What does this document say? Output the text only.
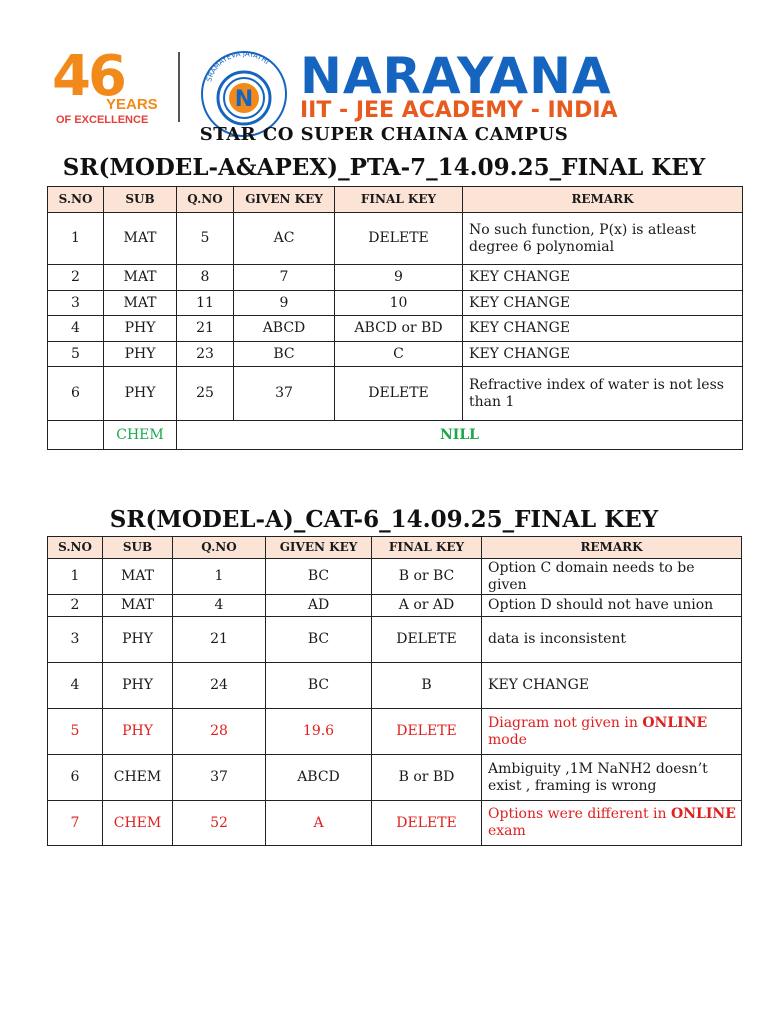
46
YEARS
OF EXCELLENCE
N
SRAMAYEVA JAYATHI NARAYANA
IIT - JEE ACADEMY - INDIA
STAR CO SUPER CHAINA CAMPUS
SR(MODEL-A&APEX)_PTA-7_14.09.25_FINAL KEY
S.NO	SUB	Q.NO	GIVEN KEY	FINAL KEY	REMARK
1	MAT	5	AC	DELETE	No such function, P(x) is atleast degree 6 polynomial
2	MAT	8	7	9	KEY CHANGE
3	MAT	11	9	10	KEY CHANGE
4	PHY	21	ABCD	ABCD or BD	KEY CHANGE
5	PHY	23	BC	C	KEY CHANGE
6	PHY	25	37	DELETE	Refractive index of water is not less than 1
	CHEM	NILL			
SR(MODEL-A)_CAT-6_14.09.25_FINAL KEY
S.NO	SUB	Q.NO	GIVEN KEY	FINAL KEY	REMARK
1	MAT	1	BC	B or BC	Option C domain needs to be given
2	MAT	4	AD	A or AD	Option D should not have union
3	PHY	21	BC	DELETE	data is inconsistent
4	PHY	24	BC	B	KEY CHANGE
5	PHY	28	19.6	DELETE	Diagram not given in ONLINE mode
6	CHEM	37	ABCD	B or BD	Ambiguity ,1M NaNH2 doesn’t exist , framing is wrong
7	CHEM	52	A	DELETE	Options were different in ONLINE exam
